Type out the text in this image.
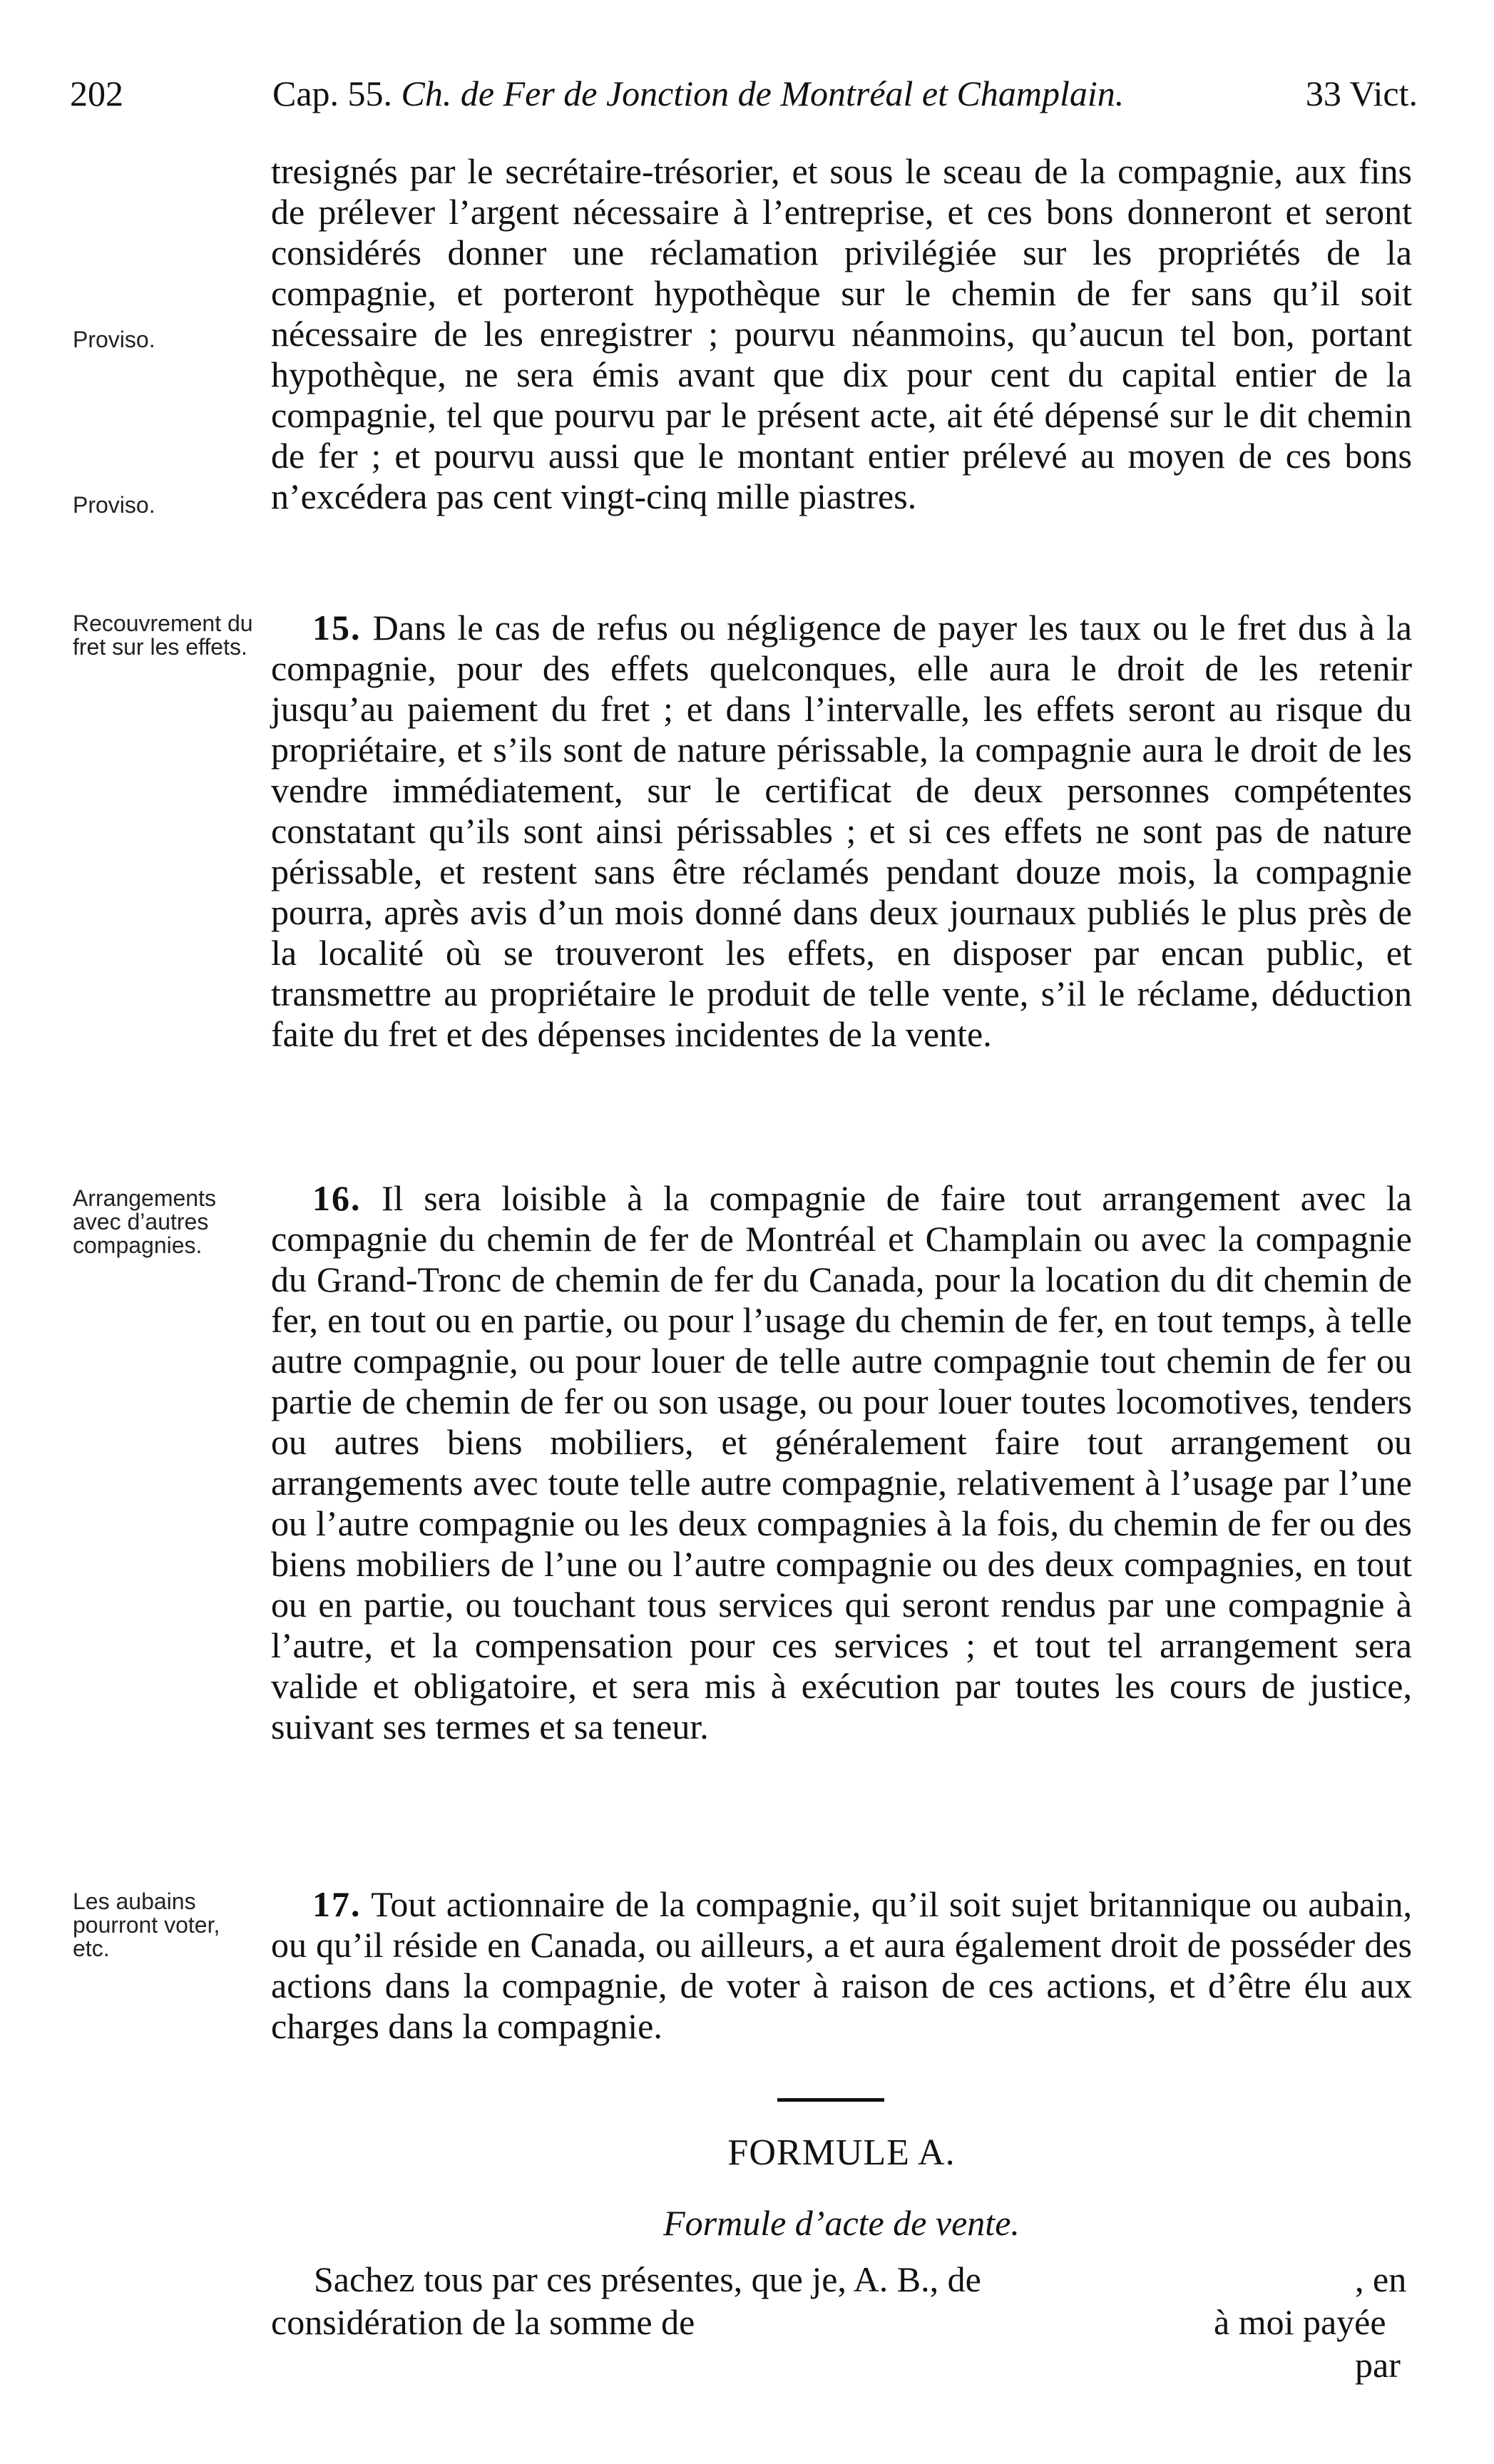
202	Cap. 55. Ch. de Fer de Jonction de Montréal et Champlain.	33 Vict.

tresignés par le secrétaire-trésorier, et sous le sceau de la compagnie, aux fins de prélever l’argent nécessaire à l’entreprise, et ces bons donneront et seront considérés donner une réclamation privilégiée sur les propriétés de la compagnie, et porteront hypothèque sur le chemin de fer sans qu’il soit nécessaire de les enregistrer ; pourvu néanmoins, qu’aucun tel bon, portant hypothèque, ne sera émis avant que dix pour cent du capital entier de la compagnie, tel que pourvu par le présent acte, ait été dépensé sur le dit chemin de fer ; et pourvu aussi que le montant entier prélevé au moyen de ces bons n’excédera pas cent vingt-cinq mille piastres.

15. Dans le cas de refus ou négligence de payer les taux ou le fret dus à la compagnie, pour des effets quelconques, elle aura le droit de les retenir jusqu’au paiement du fret ; et dans l’intervalle, les effets seront au risque du propriétaire, et s’ils sont de nature périssable, la compagnie aura le droit de les vendre immédiatement, sur le certificat de deux personnes compétentes constatant qu’ils sont ainsi périssables ; et si ces effets ne sont pas de nature périssable, et restent sans être réclamés pendant douze mois, la compagnie pourra, après avis d’un mois donné dans deux journaux publiés le plus près de la localité où se trouveront les effets, en disposer par encan public, et transmettre au propriétaire le produit de telle vente, s’il le réclame, déduction faite du fret et des dépenses incidentes de la vente.

16. Il sera loisible à la compagnie de faire tout arrangement avec la compagnie du chemin de fer de Montréal et Champlain ou avec la compagnie du Grand-Tronc de chemin de fer du Canada, pour la location du dit chemin de fer, en tout ou en partie, ou pour l’usage du chemin de fer, en tout temps, à telle autre compagnie, ou pour louer de telle autre compagnie tout chemin de fer ou partie de chemin de fer ou son usage, ou pour louer toutes locomotives, tenders ou autres biens mobiliers, et généralement faire tout arrangement ou arrangements avec toute telle autre compagnie, relativement à l’usage par l’une ou l’autre compagnie ou les deux compagnies à la fois, du chemin de fer ou des biens mobiliers de l’une ou l’autre compagnie ou des deux compagnies, en tout ou en partie, ou touchant tous services qui seront rendus par une compagnie à l’autre, et la compensation pour ces services ; et tout tel arrangement sera valide et obligatoire, et sera mis à exécution par toutes les cours de justice, suivant ses termes et sa teneur.

17. Tout actionnaire de la compagnie, qu’il soit sujet britannique ou aubain, ou qu’il réside en Canada, ou ailleurs, a et aura également droit de posséder des actions dans la compagnie, de voter à raison de ces actions, et d’être élu aux charges dans la compagnie.

Proviso.
Proviso.
Recouvrement du fret sur les effets.
Arrangements avec d’autres compagnies.
Les aubains pourront voter, etc.
FORMULE A.
Formule d’acte de vente.
Sachez tous par ces présentes, que je, A. B., de	, en
considération de la somme de	à moi payée
par
